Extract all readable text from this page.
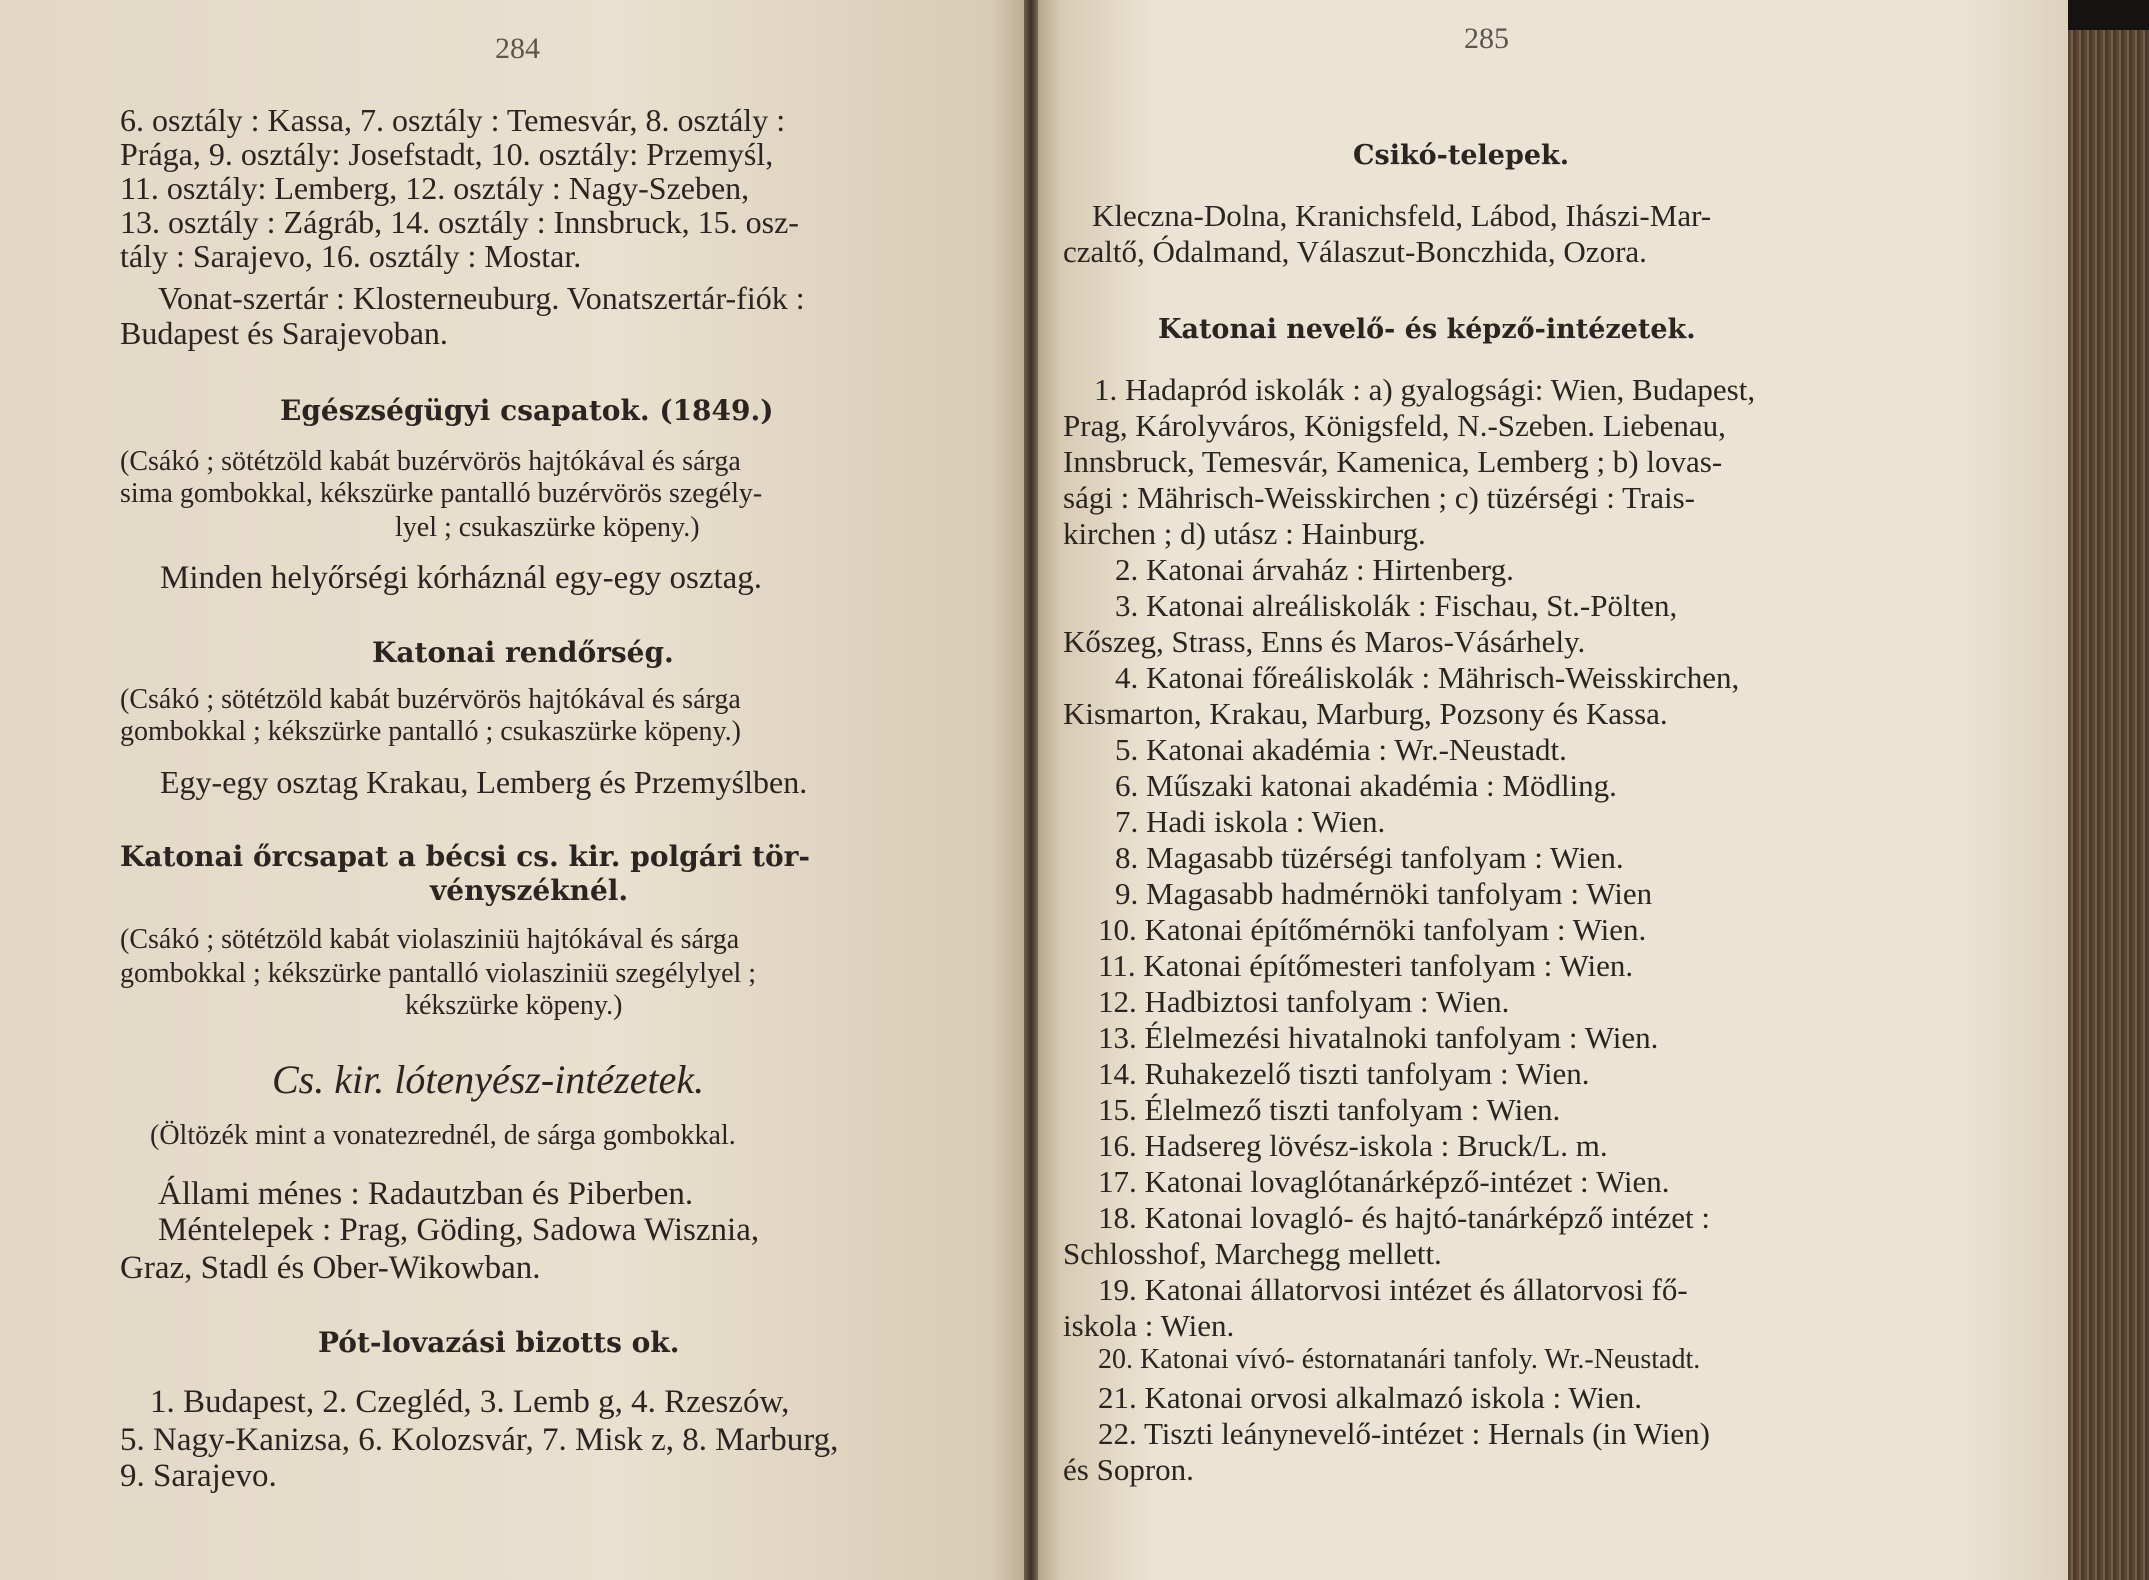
284
6. osztály : Kassa, 7. osztály : Temesvár, 8. osztály :
Prága, 9. osztály: Josefstadt, 10. osztály: Przemyśl,
11. osztály: Lemberg, 12. osztály : Nagy-Szeben,
13. osztály : Zágráb, 14. osztály : Innsbruck, 15. osz-
tály : Sarajevo, 16. osztály : Mostar.
Vonat-szertár : Klosterneuburg. Vonatszertár-fiók :
Budapest és Sarajevoban.
Egészségügyi csapatok. (1849.)
(Csákó ; sötétzöld kabát buzérvörös hajtókával és sárga
sima gombokkal, kékszürke pantalló buzérvörös szegély-
lyel ; csukaszürke köpeny.)
Minden helyőrségi kórháznál egy-egy osztag.
Katonai rendőrség.
(Csákó ; sötétzöld kabát buzérvörös hajtókával és sárga
gombokkal ; kékszürke pantalló ; csukaszürke köpeny.)
Egy-egy osztag Krakau, Lemberg és Przemyślben.
Katonai őrcsapat a bécsi cs. kir. polgári tör-
vényszéknél.
(Csákó ; sötétzöld kabát violasziniü hajtókával és sárga
gombokkal ; kékszürke pantalló violasziniü szegélylyel ;
kékszürke köpeny.)
Cs. kir. lótenyész-intézetek.
(Öltözék mint a vonatezrednél, de sárga gombokkal.
Állami ménes : Radautzban és Piberben.
Méntelepek : Prag, Göding, Sadowa Wisznia,
Graz, Stadl és Ober-Wikowban.
Pót-lovazási bizotts ok.
1. Budapest, 2. Czegléd, 3. Lemb g, 4. Rzeszów,
5. Nagy-Kanizsa, 6. Kolozsvár, 7. Misk z, 8. Marburg,
9. Sarajevo.
285
Csikó-telepek.
Kleczna-Dolna, Kranichsfeld, Lábod, Ihászi-Mar-
czaltő, Ódalmand, Válaszut-Bonczhida, Ozora.
Katonai nevelő- és képző-intézetek.
1. Hadapród iskolák : a) gyalogsági: Wien, Budapest,
Prag, Károlyváros, Königsfeld, N.-Szeben. Liebenau,
Innsbruck, Temesvár, Kamenica, Lemberg ; b) lovas-
sági : Mährisch-Weisskirchen ; c) tüzérségi : Trais-
kirchen ; d) utász : Hainburg.
2. Katonai árvaház : Hirtenberg.
3. Katonai alreáliskolák : Fischau, St.-Pölten,
Kőszeg, Strass, Enns és Maros-Vásárhely.
4. Katonai főreáliskolák : Mährisch-Weisskirchen,
Kismarton, Krakau, Marburg, Pozsony és Kassa.
5. Katonai akadémia : Wr.-Neustadt.
6. Műszaki katonai akadémia : Mödling.
7. Hadi iskola : Wien.
8. Magasabb tüzérségi tanfolyam : Wien.
9. Magasabb hadmérnöki tanfolyam : Wien
10. Katonai építőmérnöki tanfolyam : Wien.
11. Katonai építőmesteri tanfolyam : Wien.
12. Hadbiztosi tanfolyam : Wien.
13. Élelmezési hivatalnoki tanfolyam : Wien.
14. Ruhakezelő tiszti tanfolyam : Wien.
15. Élelmező tiszti tanfolyam : Wien.
16. Hadsereg lövész-iskola : Bruck/L. m.
17. Katonai lovaglótanárképző-intézet : Wien.
18. Katonai lovagló- és hajtó-tanárképző intézet :
Schlosshof, Marchegg mellett.
19. Katonai állatorvosi intézet és állatorvosi fő-
iskola : Wien.
20. Katonai vívó- éstornatanári tanfoly. Wr.-Neustadt.
21. Katonai orvosi alkalmazó iskola : Wien.
22. Tiszti leánynevelő-intézet : Hernals (in Wien)
és Sopron.
